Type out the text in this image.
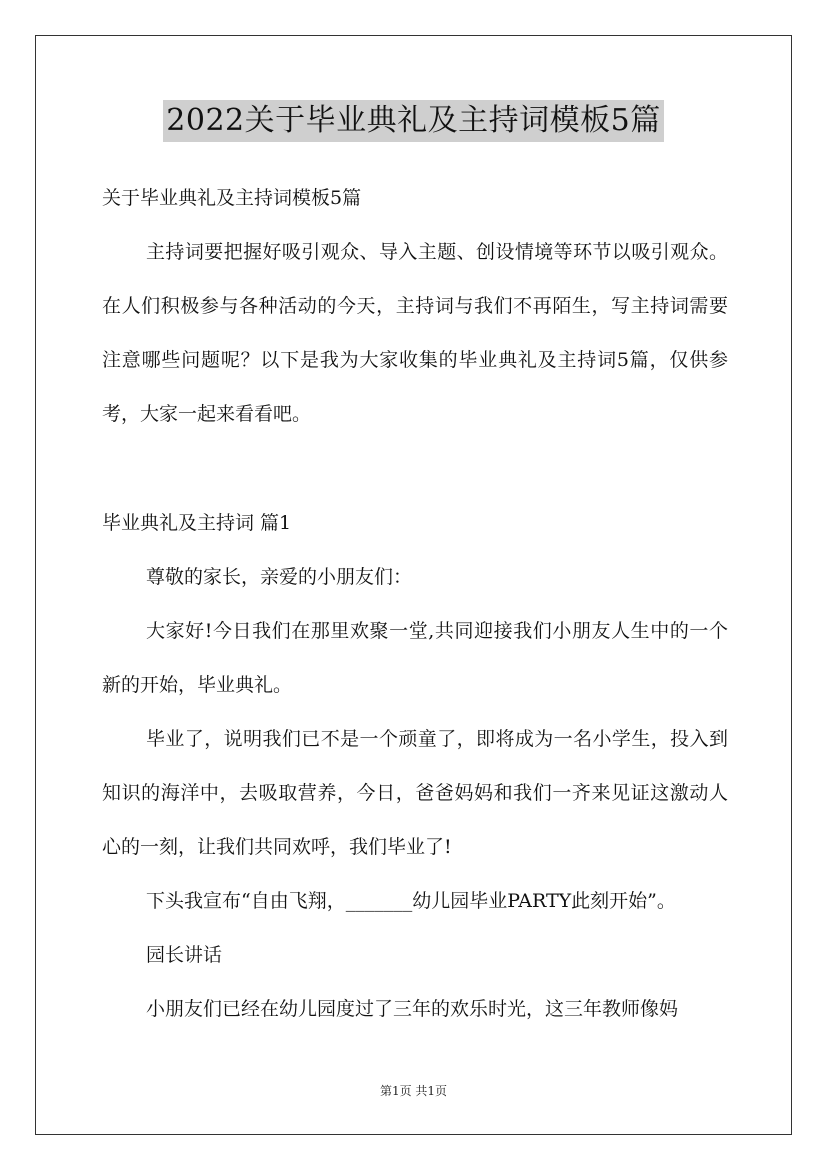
2022关于毕业典礼及主持词模板5篇

关于毕业典礼及主持词模板5篇

主持词要把握好吸引观众、导入主题、创设情境等环节以吸引观众。在人们积极参与各种活动的今天，主持词与我们不再陌生，写主持词需要注意哪些问题呢？以下是我为大家收集的毕业典礼及主持词5篇，仅供参考，大家一起来看看吧。

毕业典礼及主持词 篇1

尊敬的家长，亲爱的小朋友们：

大家好!今日我们在那里欢聚一堂,共同迎接我们小朋友人生中的一个新的开始，毕业典礼。

毕业了，说明我们已不是一个顽童了，即将成为一名小学生，投入到知识的海洋中，去吸取营养，今日，爸爸妈妈和我们一齐来见证这激动人心的一刻，让我们共同欢呼，我们毕业了!

下头我宣布“自由飞翔，_______幼儿园毕业PARTY此刻开始”。

园长讲话

小朋友们已经在幼儿园度过了三年的欢乐时光，这三年教师像妈

第1页 共1页
